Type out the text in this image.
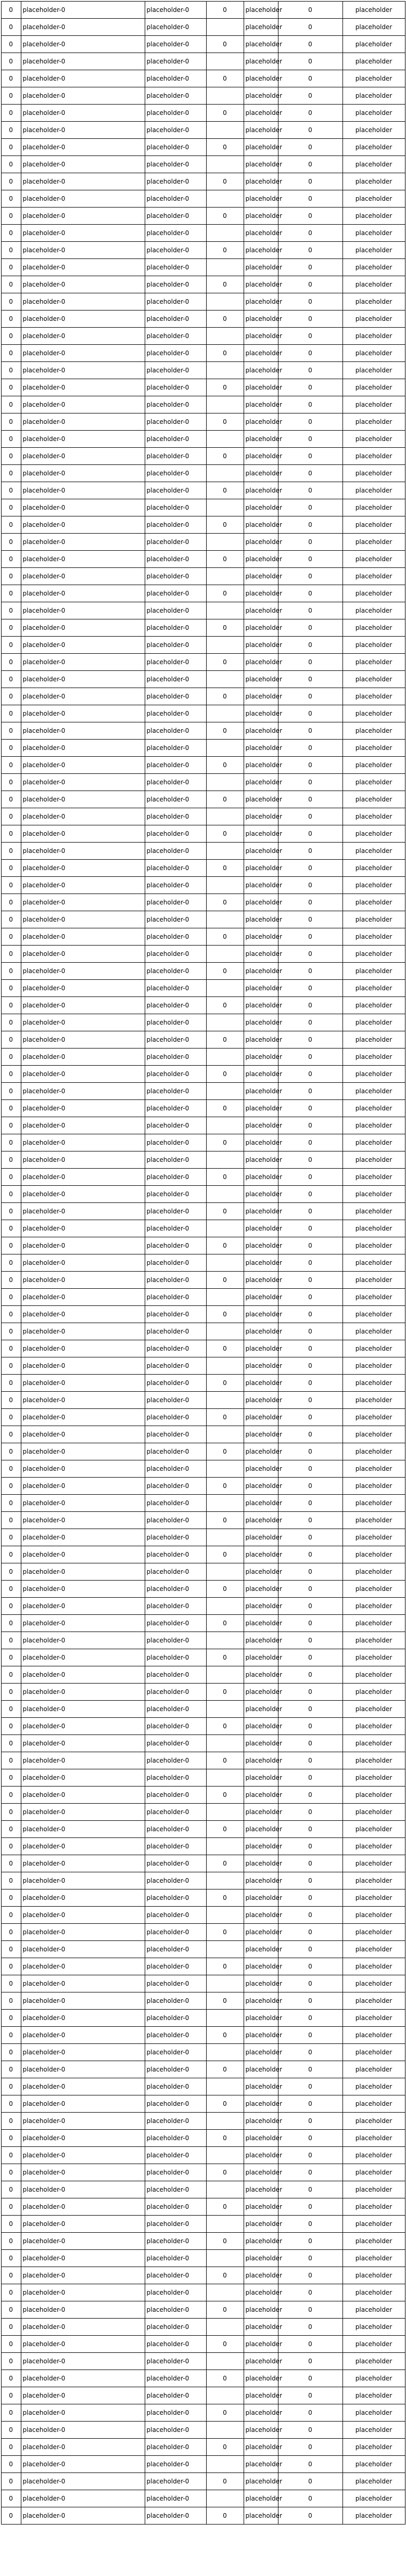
0	placeholder-0	placeholder-0	0	placeholder	0	placeholder
0	placeholder-0	placeholder-0		placeholder	0	placeholder
0	placeholder-0	placeholder-0	0	placeholder	0	placeholder
0	placeholder-0	placeholder-0		placeholder	0	placeholder
0	placeholder-0	placeholder-0	0	placeholder	0	placeholder
0	placeholder-0	placeholder-0		placeholder	0	placeholder
0	placeholder-0	placeholder-0	0	placeholder	0	placeholder
0	placeholder-0	placeholder-0		placeholder	0	placeholder
0	placeholder-0	placeholder-0	0	placeholder	0	placeholder
0	placeholder-0	placeholder-0		placeholder	0	placeholder
0	placeholder-0	placeholder-0	0	placeholder	0	placeholder
0	placeholder-0	placeholder-0		placeholder	0	placeholder
0	placeholder-0	placeholder-0	0	placeholder	0	placeholder
0	placeholder-0	placeholder-0		placeholder	0	placeholder
0	placeholder-0	placeholder-0	0	placeholder	0	placeholder
0	placeholder-0	placeholder-0		placeholder	0	placeholder
0	placeholder-0	placeholder-0	0	placeholder	0	placeholder
0	placeholder-0	placeholder-0		placeholder	0	placeholder
0	placeholder-0	placeholder-0	0	placeholder	0	placeholder
0	placeholder-0	placeholder-0		placeholder	0	placeholder
0	placeholder-0	placeholder-0	0	placeholder	0	placeholder
0	placeholder-0	placeholder-0		placeholder	0	placeholder
0	placeholder-0	placeholder-0	0	placeholder	0	placeholder
0	placeholder-0	placeholder-0		placeholder	0	placeholder
0	placeholder-0	placeholder-0	0	placeholder	0	placeholder
0	placeholder-0	placeholder-0		placeholder	0	placeholder
0	placeholder-0	placeholder-0	0	placeholder	0	placeholder
0	placeholder-0	placeholder-0		placeholder	0	placeholder
0	placeholder-0	placeholder-0	0	placeholder	0	placeholder
0	placeholder-0	placeholder-0		placeholder	0	placeholder
0	placeholder-0	placeholder-0	0	placeholder	0	placeholder
0	placeholder-0	placeholder-0		placeholder	0	placeholder
0	placeholder-0	placeholder-0	0	placeholder	0	placeholder
0	placeholder-0	placeholder-0		placeholder	0	placeholder
0	placeholder-0	placeholder-0	0	placeholder	0	placeholder
0	placeholder-0	placeholder-0		placeholder	0	placeholder
0	placeholder-0	placeholder-0	0	placeholder	0	placeholder
0	placeholder-0	placeholder-0		placeholder	0	placeholder
0	placeholder-0	placeholder-0	0	placeholder	0	placeholder
0	placeholder-0	placeholder-0		placeholder	0	placeholder
0	placeholder-0	placeholder-0	0	placeholder	0	placeholder
0	placeholder-0	placeholder-0		placeholder	0	placeholder
0	placeholder-0	placeholder-0	0	placeholder	0	placeholder
0	placeholder-0	placeholder-0		placeholder	0	placeholder
0	placeholder-0	placeholder-0	0	placeholder	0	placeholder
0	placeholder-0	placeholder-0		placeholder	0	placeholder
0	placeholder-0	placeholder-0	0	placeholder	0	placeholder
0	placeholder-0	placeholder-0		placeholder	0	placeholder
0	placeholder-0	placeholder-0	0	placeholder	0	placeholder
0	placeholder-0	placeholder-0		placeholder	0	placeholder
0	placeholder-0	placeholder-0	0	placeholder	0	placeholder
0	placeholder-0	placeholder-0		placeholder	0	placeholder
0	placeholder-0	placeholder-0	0	placeholder	0	placeholder
0	placeholder-0	placeholder-0		placeholder	0	placeholder
0	placeholder-0	placeholder-0	0	placeholder	0	placeholder
0	placeholder-0	placeholder-0		placeholder	0	placeholder
0	placeholder-0	placeholder-0	0	placeholder	0	placeholder
0	placeholder-0	placeholder-0		placeholder	0	placeholder
0	placeholder-0	placeholder-0	0	placeholder	0	placeholder
0	placeholder-0	placeholder-0		placeholder	0	placeholder
0	placeholder-0	placeholder-0	0	placeholder	0	placeholder
0	placeholder-0	placeholder-0		placeholder	0	placeholder
0	placeholder-0	placeholder-0	0	placeholder	0	placeholder
0	placeholder-0	placeholder-0		placeholder	0	placeholder
0	placeholder-0	placeholder-0	0	placeholder	0	placeholder
0	placeholder-0	placeholder-0		placeholder	0	placeholder
0	placeholder-0	placeholder-0	0	placeholder	0	placeholder
0	placeholder-0	placeholder-0		placeholder	0	placeholder
0	placeholder-0	placeholder-0	0	placeholder	0	placeholder
0	placeholder-0	placeholder-0		placeholder	0	placeholder
0	placeholder-0	placeholder-0	0	placeholder	0	placeholder
0	placeholder-0	placeholder-0		placeholder	0	placeholder
0	placeholder-0	placeholder-0	0	placeholder	0	placeholder
0	placeholder-0	placeholder-0		placeholder	0	placeholder
0	placeholder-0	placeholder-0	0	placeholder	0	placeholder
0	placeholder-0	placeholder-0		placeholder	0	placeholder
0	placeholder-0	placeholder-0	0	placeholder	0	placeholder
0	placeholder-0	placeholder-0		placeholder	0	placeholder
0	placeholder-0	placeholder-0	0	placeholder	0	placeholder
0	placeholder-0	placeholder-0		placeholder	0	placeholder
0	placeholder-0	placeholder-0	0	placeholder	0	placeholder
0	placeholder-0	placeholder-0		placeholder	0	placeholder
0	placeholder-0	placeholder-0	0	placeholder	0	placeholder
0	placeholder-0	placeholder-0		placeholder	0	placeholder
0	placeholder-0	placeholder-0	0	placeholder	0	placeholder
0	placeholder-0	placeholder-0		placeholder	0	placeholder
0	placeholder-0	placeholder-0	0	placeholder	0	placeholder
0	placeholder-0	placeholder-0		placeholder	0	placeholder
0	placeholder-0	placeholder-0	0	placeholder	0	placeholder
0	placeholder-0	placeholder-0		placeholder	0	placeholder
0	placeholder-0	placeholder-0	0	placeholder	0	placeholder
0	placeholder-0	placeholder-0		placeholder	0	placeholder
0	placeholder-0	placeholder-0	0	placeholder	0	placeholder
0	placeholder-0	placeholder-0		placeholder	0	placeholder
0	placeholder-0	placeholder-0	0	placeholder	0	placeholder
0	placeholder-0	placeholder-0		placeholder	0	placeholder
0	placeholder-0	placeholder-0	0	placeholder	0	placeholder
0	placeholder-0	placeholder-0		placeholder	0	placeholder
0	placeholder-0	placeholder-0	0	placeholder	0	placeholder
0	placeholder-0	placeholder-0		placeholder	0	placeholder
0	placeholder-0	placeholder-0	0	placeholder	0	placeholder
0	placeholder-0	placeholder-0		placeholder	0	placeholder
0	placeholder-0	placeholder-0	0	placeholder	0	placeholder
0	placeholder-0	placeholder-0		placeholder	0	placeholder
0	placeholder-0	placeholder-0	0	placeholder	0	placeholder
0	placeholder-0	placeholder-0		placeholder	0	placeholder
0	placeholder-0	placeholder-0	0	placeholder	0	placeholder
0	placeholder-0	placeholder-0		placeholder	0	placeholder
0	placeholder-0	placeholder-0	0	placeholder	0	placeholder
0	placeholder-0	placeholder-0		placeholder	0	placeholder
0	placeholder-0	placeholder-0	0	placeholder	0	placeholder
0	placeholder-0	placeholder-0		placeholder	0	placeholder
0	placeholder-0	placeholder-0	0	placeholder	0	placeholder
0	placeholder-0	placeholder-0		placeholder	0	placeholder
0	placeholder-0	placeholder-0	0	placeholder	0	placeholder
0	placeholder-0	placeholder-0		placeholder	0	placeholder
0	placeholder-0	placeholder-0	0	placeholder	0	placeholder
0	placeholder-0	placeholder-0		placeholder	0	placeholder
0	placeholder-0	placeholder-0	0	placeholder	0	placeholder
0	placeholder-0	placeholder-0		placeholder	0	placeholder
0	placeholder-0	placeholder-0	0	placeholder	0	placeholder
0	placeholder-0	placeholder-0		placeholder	0	placeholder
0	placeholder-0	placeholder-0	0	placeholder	0	placeholder
0	placeholder-0	placeholder-0		placeholder	0	placeholder
0	placeholder-0	placeholder-0	0	placeholder	0	placeholder
0	placeholder-0	placeholder-0		placeholder	0	placeholder
0	placeholder-0	placeholder-0	0	placeholder	0	placeholder
0	placeholder-0	placeholder-0		placeholder	0	placeholder
0	placeholder-0	placeholder-0	0	placeholder	0	placeholder
0	placeholder-0	placeholder-0		placeholder	0	placeholder
0	placeholder-0	placeholder-0	0	placeholder	0	placeholder
0	placeholder-0	placeholder-0		placeholder	0	placeholder
0	placeholder-0	placeholder-0	0	placeholder	0	placeholder
0	placeholder-0	placeholder-0		placeholder	0	placeholder
0	placeholder-0	placeholder-0	0	placeholder	0	placeholder
0	placeholder-0	placeholder-0		placeholder	0	placeholder
0	placeholder-0	placeholder-0	0	placeholder	0	placeholder
0	placeholder-0	placeholder-0		placeholder	0	placeholder
0	placeholder-0	placeholder-0	0	placeholder	0	placeholder
0	placeholder-0	placeholder-0		placeholder	0	placeholder
0	placeholder-0	placeholder-0	0	placeholder	0	placeholder
0	placeholder-0	placeholder-0		placeholder	0	placeholder
0	placeholder-0	placeholder-0	0	placeholder	0	placeholder
0	placeholder-0	placeholder-0		placeholder	0	placeholder
0	placeholder-0	placeholder-0	0	placeholder	0	placeholder
0	placeholder-0	placeholder-0		placeholder	0	placeholder
0	placeholder-0	placeholder-0	0	placeholder	0	placeholder
